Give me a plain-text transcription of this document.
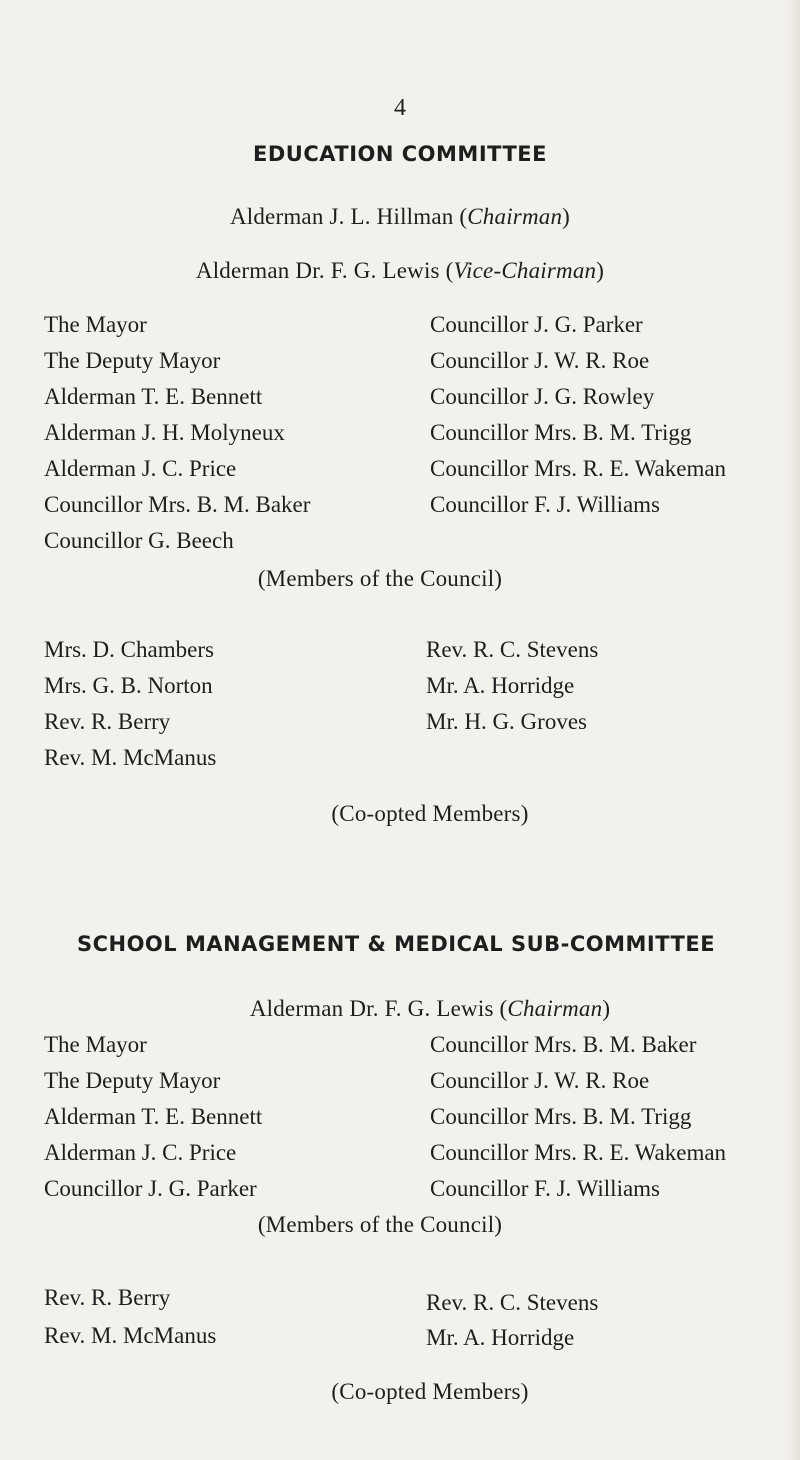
4
EDUCATION COMMITTEE
Alderman J. L. Hillman (Chairman)
Alderman Dr. F. G. Lewis (Vice-Chairman)
The Mayor
The Deputy Mayor
Alderman T. E. Bennett
Alderman J. H. Molyneux
Alderman J. C. Price
Councillor Mrs. B. M. Baker
Councillor G. Beech
Councillor J. G. Parker
Councillor J. W. R. Roe
Councillor J. G. Rowley
Councillor Mrs. B. M. Trigg
Councillor Mrs. R. E. Wakeman
Councillor F. J. Williams
(Members of the Council)
Mrs. D. Chambers
Mrs. G. B. Norton
Rev. R. Berry
Rev. M. McManus
Rev. R. C. Stevens
Mr. A. Horridge
Mr. H. G. Groves
(Co-opted Members)
SCHOOL MANAGEMENT & MEDICAL SUB-COMMITTEE
Alderman Dr. F. G. Lewis (Chairman)
The Mayor
The Deputy Mayor
Alderman T. E. Bennett
Alderman J. C. Price
Councillor J. G. Parker
Councillor Mrs. B. M. Baker
Councillor J. W. R. Roe
Councillor Mrs. B. M. Trigg
Councillor Mrs. R. E. Wakeman
Councillor F. J. Williams
(Members of the Council)
Rev. R. Berry
Rev. M. McManus
Rev. R. C. Stevens
Mr. A. Horridge
(Co-opted Members)
